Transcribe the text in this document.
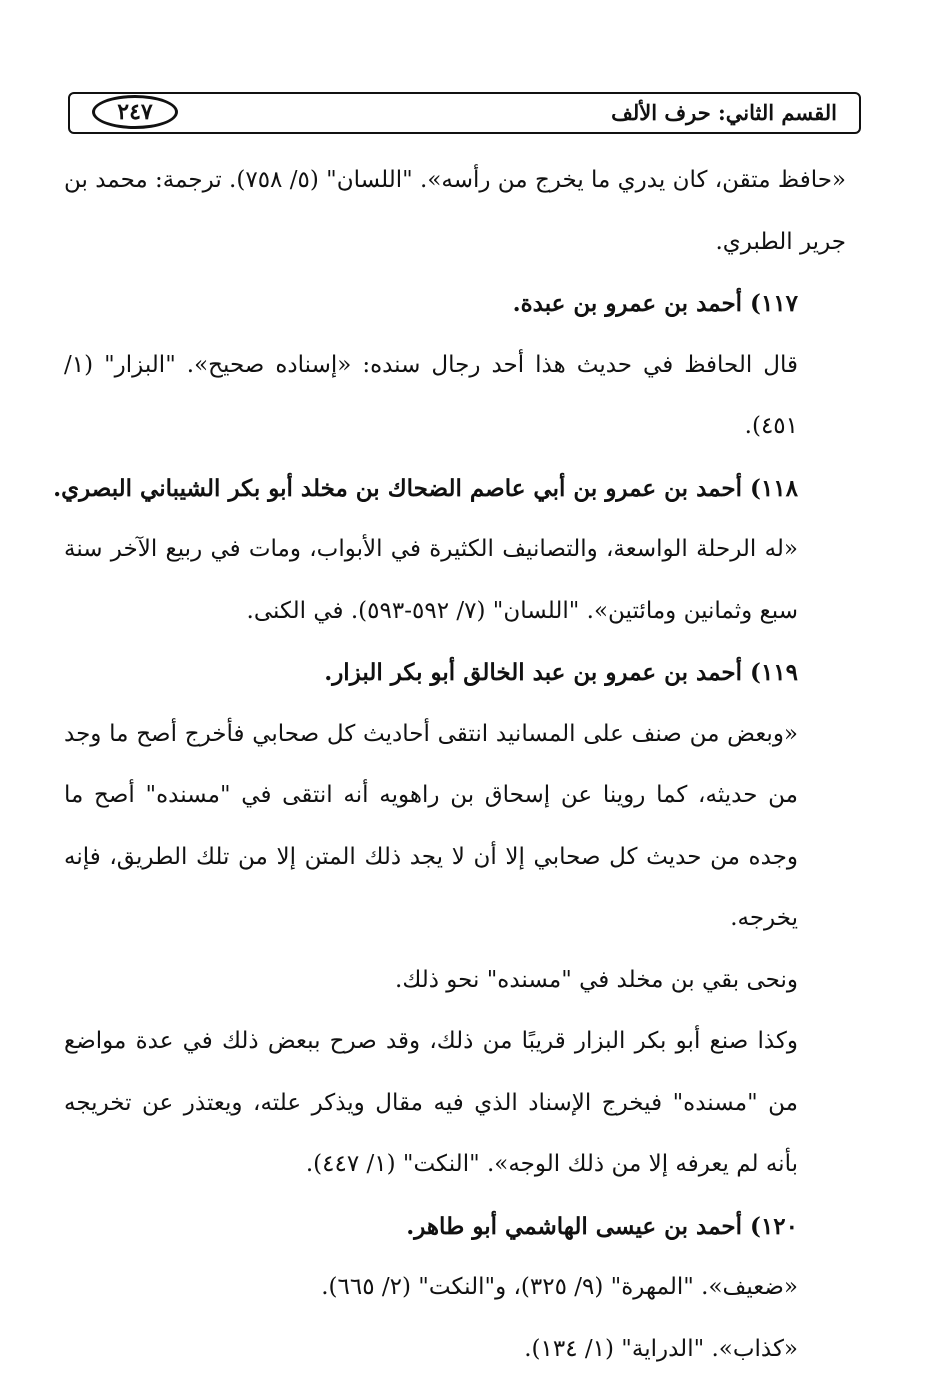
القسم الثاني: حرف الألف
٢٤٧

«حافظ متقن، كان يدري ما يخرج من رأسه». "اللسان" (٥/ ٧٥٨). ترجمة: محمد بن جرير الطبري.

١١٧) أحمد بن عمرو بن عبدة.

قال الحافظ في حديث هذا أحد رجال سنده: «إسناده صحيح». "البزار" (١/ ٤٥١).

١١٨) أحمد بن عمرو بن أبي عاصم الضحاك بن مخلد أبو بكر الشيباني البصري.

«له الرحلة الواسعة، والتصانيف الكثيرة في الأبواب، ومات في ربيع الآخر سنة سبع وثمانين ومائتين». "اللسان" (٧/ ٥٩٢-٥٩٣). في الكنى.

١١٩) أحمد بن عمرو بن عبد الخالق أبو بكر البزار.

«وبعض من صنف على المسانيد انتقى أحاديث كل صحابي فأخرج أصح ما وجد من حديثه، كما روينا عن إسحاق بن راهويه أنه انتقى في "مسنده" أصح ما وجده من حديث كل صحابي إلا أن لا يجد ذلك المتن إلا من تلك الطريق، فإنه يخرجه.

ونحى بقي بن مخلد في "مسنده" نحو ذلك.

وكذا صنع أبو بكر البزار قريبًا من ذلك، وقد صرح ببعض ذلك في عدة مواضع من "مسنده" فيخرج الإسناد الذي فيه مقال ويذكر علته، ويعتذر عن تخريجه بأنه لم يعرفه إلا من ذلك الوجه». "النكت" (١/ ٤٤٧).

١٢٠) أحمد بن عيسى الهاشمي أبو طاهر.

«ضعيف». "المهرة" (٩/ ٣٢٥)، و"النكت" (٢/ ٦٦٥).

«كذاب». "الدراية" (١/ ١٣٤).
